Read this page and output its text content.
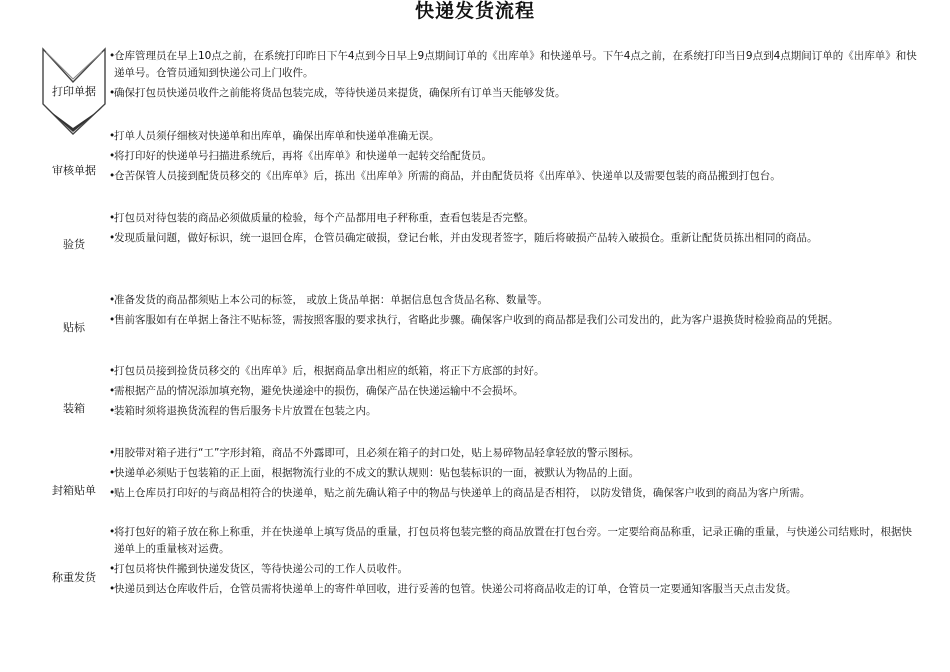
快递发货流程
打印单据
•仓库管理员在早上10点之前，在系统打印昨日下午4点到今日早上9点期间订单的《出库单》和快递单号。下午4点之前，在系统打印当日9点到4点期间订单的《出库单》和快递单号。仓管员通知到快递公司上门收件。
•确保打包员快递员收件之前能将货品包装完成，等待快递员来提货，确保所有订单当天能够发货。
审核单据
•打单人员须仔细核对快递单和出库单，确保出库单和快递单准确无误。
•将打印好的快递单号扫描进系统后，再将《出库单》和快递单一起转交给配货员。
•仓苦保管人员接到配货员移交的《出库单》后，拣出《出库单》所需的商品，并由配货员将《出库单》、快递单以及需要包装的商品搬到打包台。
验货
•打包员对待包装的商品必须做质量的检验，每个产品都用电子秤称重，查看包装是否完整。
•发现质量问题，做好标识，统一退回仓库，仓管员确定破损，登记台帐，并由发现者签字，随后将破损产品转入破损仓。重新让配货员拣出相同的商品。
贴标
•准备发货的商品都须贴上本公司的标签， 或放上货品单据：单据信息包含货品名称、数量等。
•售前客服如有在单据上备注不贴标签，需按照客服的要求执行，省略此步骤。确保客户收到的商品都是我们公司发出的，此为客户退换货时检验商品的凭据。
装箱
•打包员员接到捡货员移交的《出库单》后，根据商品拿出相应的纸箱，将正下方底部的封好。
•需根据产品的情况添加填充物，避免快递途中的损伤，确保产品在快递运输中不会损坏。
•装箱时须将退换货流程的售后服务卡片放置在包装之内。
封箱贴单
•用胶带对箱子进行“工”字形封箱，商品不外露即可，且必须在箱子的封口处，贴上易碎物品轻拿轻放的警示图标。
•快递单必须贴于包装箱的正上面，根据物流行业的不成文的默认规则：贴包装标识的一面，被默认为物品的上面。
•贴上仓库员打印好的与商品相符合的快递单，贴之前先确认箱子中的物品与快递单上的商品是否相符， 以防发错货，确保客户收到的商品为客户所需。
称重发货
•将打包好的箱子放在称上称重，并在快递单上填写货品的重量，打包员将包装完整的商品放置在打包台旁。一定要给商品称重，记录正确的重量，与快递公司结账时，根据快递单上的重量核对运费。
•打包员将快件搬到快递发货区，等待快递公司的工作人员收件。
•快递员到达仓库收件后，仓管员需将快递单上的寄件单回收，进行妥善的包管。快递公司将商品收走的订单，仓管员一定要通知客服当天点击发货。
